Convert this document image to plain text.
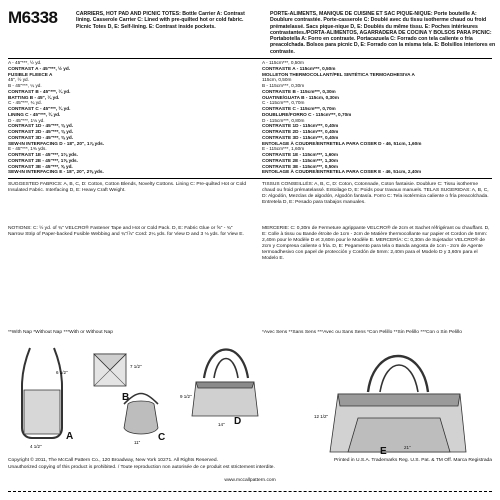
M6338	CARRIERS, HOT PAD AND PICNIC TOTES: Bottle Carrier A: Contrast lining. Casserole Carrier C: Lined with pre-quilted hot or cold fabric. Picnic Totes D, E: Self-lining. E: Contrast inside pockets.
PORTE-ALIMENTS, MANIQUE DE CUISINE ET SAC PIQUE-NIQUE: Porte bouteille A: Doublure contrastée. Porte-casserole C: Doublé avec du tissu isotherme chaud ou froid prématelassé. Sacs pique-nique D, E: Doublés du même tissu. E: Poches intérieures contrastantes./PORTA-ALIMENTOS, AGARRADERA DE COCINA Y BOLSOS PARA PICNIC: Portabotella A: Forro en contraste. Portacazuela C: Forrado con tela caliente o fría preacolchada. Bolsos para picnic D, E: Forrado con la misma tela. E: Bolsillos interiores en contraste.
A - 45"***, ½ yd.
CONTRAST A - 45"***, ½ yd.
FUSIBLE FLEECE A
45", ½ yd.
B - 45"***, ¼ yd.
CONTRAST B - 45"***, ¼ yd.
BATTING B - 45", ¼ yd.
C - 45"***, ¾ yd.
CONTRAST C - 45"***, ¾ yd.
LINING C - 45"***, ¾ yd.
D - 45"***, 1⅛ yd.
CONTRAST 1D - 45"***, ⅜ yd.
CONTRAST 2D - 45"***, ⅜ yd.
CONTRAST 3D - 45"***, ⅜ yd.
SEW-IN INTERFACING D - 18", 20", 1⅞ yds.
E - 45"***, 1⅜ yds.
CONTRAST 1E - 45"***, 1⅜ yds.
CONTRAST 2E - 45"***, 1⅝ yds.
CONTRAST 3E - 45"***, ⅝ yd.
SEW-IN INTERFACING E - 18", 20", 2⅝ yds.
A - 115cm***, 0,50m
CONTRASTE A - 115cm***, 0,50m
MOLLETON THERMOCOLLANT/PEL SINTÉTICA TERMOADHESIVA A
115cm, 0,50m
B - 115cm***, 0,30m
CONTRASTE B - 115cm***, 0,30m
OUATINE/GUATA B - 115cm, 0,30m
C - 115cm***, 0,70m
CONTRASTE C - 115cm***, 0,70m
DOUBLURE/FORRO C - 115cm***, 0,70m
D - 115cm***, 0,80m
CONTRASTE 1D - 115cm***, 0,40m
CONTRASTE 2D - 115cm***, 0,40m
CONTRASTE 3D - 115cm***, 0,40m
ENTOILAGE À COUDRE/ENTRETELA PARA COSER D - 46, 51cm, 1,60m
E - 115cm***, 1,60m
CONTRASTE 1E - 115cm***, 1,60m
CONTRASTE 2E - 115cm***, 1,30m
CONTRASTE 3E - 115cm***, 0,50m
ENTOILAGE À COUDRE/ENTRETELA PARA COSER E - 46, 51cm, 2,40m
SUGGESTED FABRICS: A, B, C, D: Cotton, Cotton Blends, Novelty Cottons. Lining C: Pre-quilted Hot or Cold Insulated Fabric. Interfacing D, E: Heavy Craft Weight.
TISSUS CONSEILLÉS: A, B, C, D: Coton, Cotonnade, Coton fantaisie. Doublure C: Tissu isotherme chaud ou froid prématelassé. Entoilage D, E: Poids pour travaux manuels. TELAS SUGERIDAS: A, B, C, D: Algodón, Mezclas de algodón, Algodón fantasía. Forro C: Tela isotérmica caliente o fría preacolchada. Entretela D, E: Pesado para trabajos manuales.
NOTIONS: C: ½ yd. of ¾" VELCRO® Fastener Tape and Hot or Cold Pack. D, E: Fabric Glue or ⅝" - ¾" Narrow Strip of Paper-backed Fusible Webbing and ¾"/⅞" Cord: 2¼ yds. for View D and 3 ⅛ yds. for View E.
MERCERIE: C: 0,30m de Fermeture agrippante VELCRO® de 2cm et Sachet réfrigérant ou chauffant. D, E: Colle à tissu ou Bande étroite de 1cm - 2cm de Matière thermocollante sur papier et Cordon de 5mm: 2,40m pour le Modèle D et 3,60m pour le Modèle E. MERCERÍA: C: 0,30m de Sujetador VELCRO® de 2cm y Compresa caliente o fría. D, E: Pegamento para tela o Banda angosta de 1cm - 2cm de Agente termoadhesivo con papel de protección y Cordón de 5mm: 2,40m para el Modelo D y 3,60m para el Modelo E.
**With Nap *Without Nap ***With or Without Nap	*Avec Sens **Sans Sens ***Avec ou Sans Sens *Con Pelillo **Sin Pelillo ***Con o Sin Pelillo
6 1/2"
4 1/2"
7 1/2"
11"
9 1/2"
14"
12 1/2"
A
B
C
D
E	21"
Copyright © 2011, The McCall Pattern Co., 120 Broadway, New York 10271. All Rights Reserved.	Printed in U.S.A. Trademarks Reg. U.S. Pat. & TM Off. Marca Registrada
Unauthorized copying of this product is prohibited. / Toute reproduction non autorisée de ce produit est strictement interdite.
www.mccallpattern.com
